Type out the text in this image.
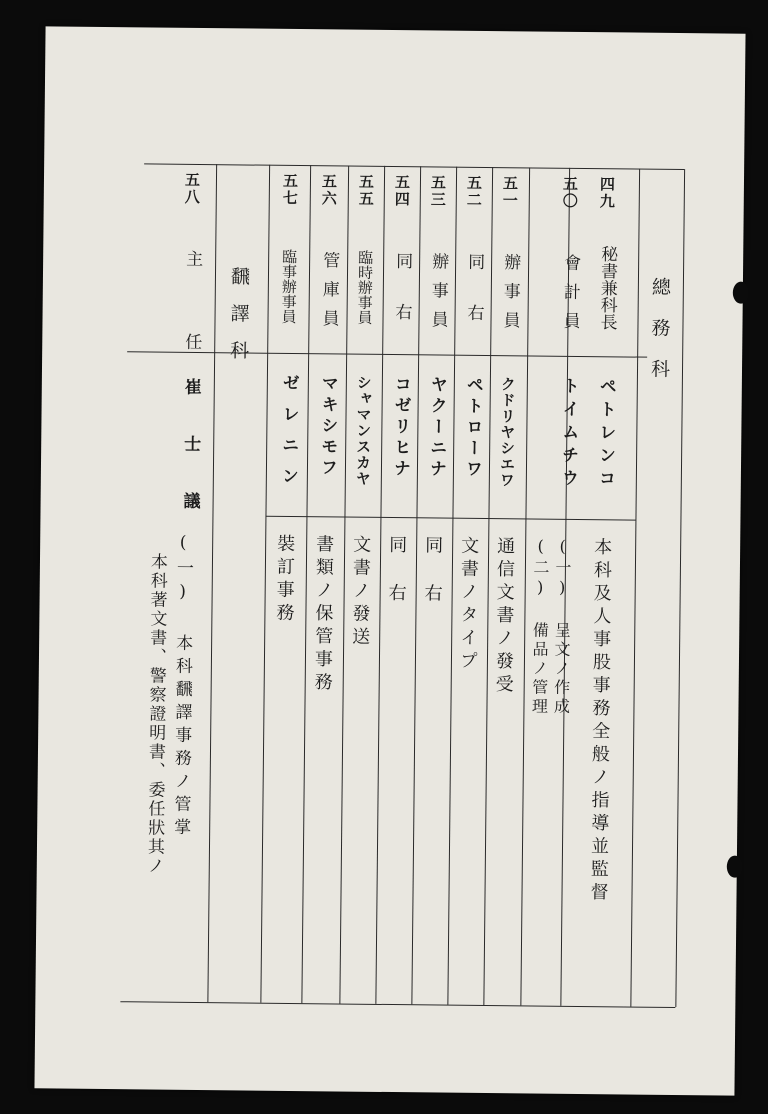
總務科
飜譯科
四九
秘書兼科長
ペトレンコ
本科及人事股事務全般ノ指導並監督
五〇
會計員
トイムチウ
(一) 呈文ノ作成
(二) 備品ノ管理
五一
辦事員
クドリヤシエワ
通信文書ノ發受
五二
同右
ペトローワ
文書ノタイプ
五三
辦事員
ヤクーニナ
同右
五四
同右
コゼリヒナ
同右
五五
臨時辦事員
シャマンスカヤ
文書ノ發送
五六
管庫員
マキシモフ
書類ノ保管事務
五七
臨事辦事員
ゼレニン
裝訂事務
五八
主任
崔士議
(一) 本科飜譯事務ノ管掌
本科著文書、警察證明書、委任狀其ノ
